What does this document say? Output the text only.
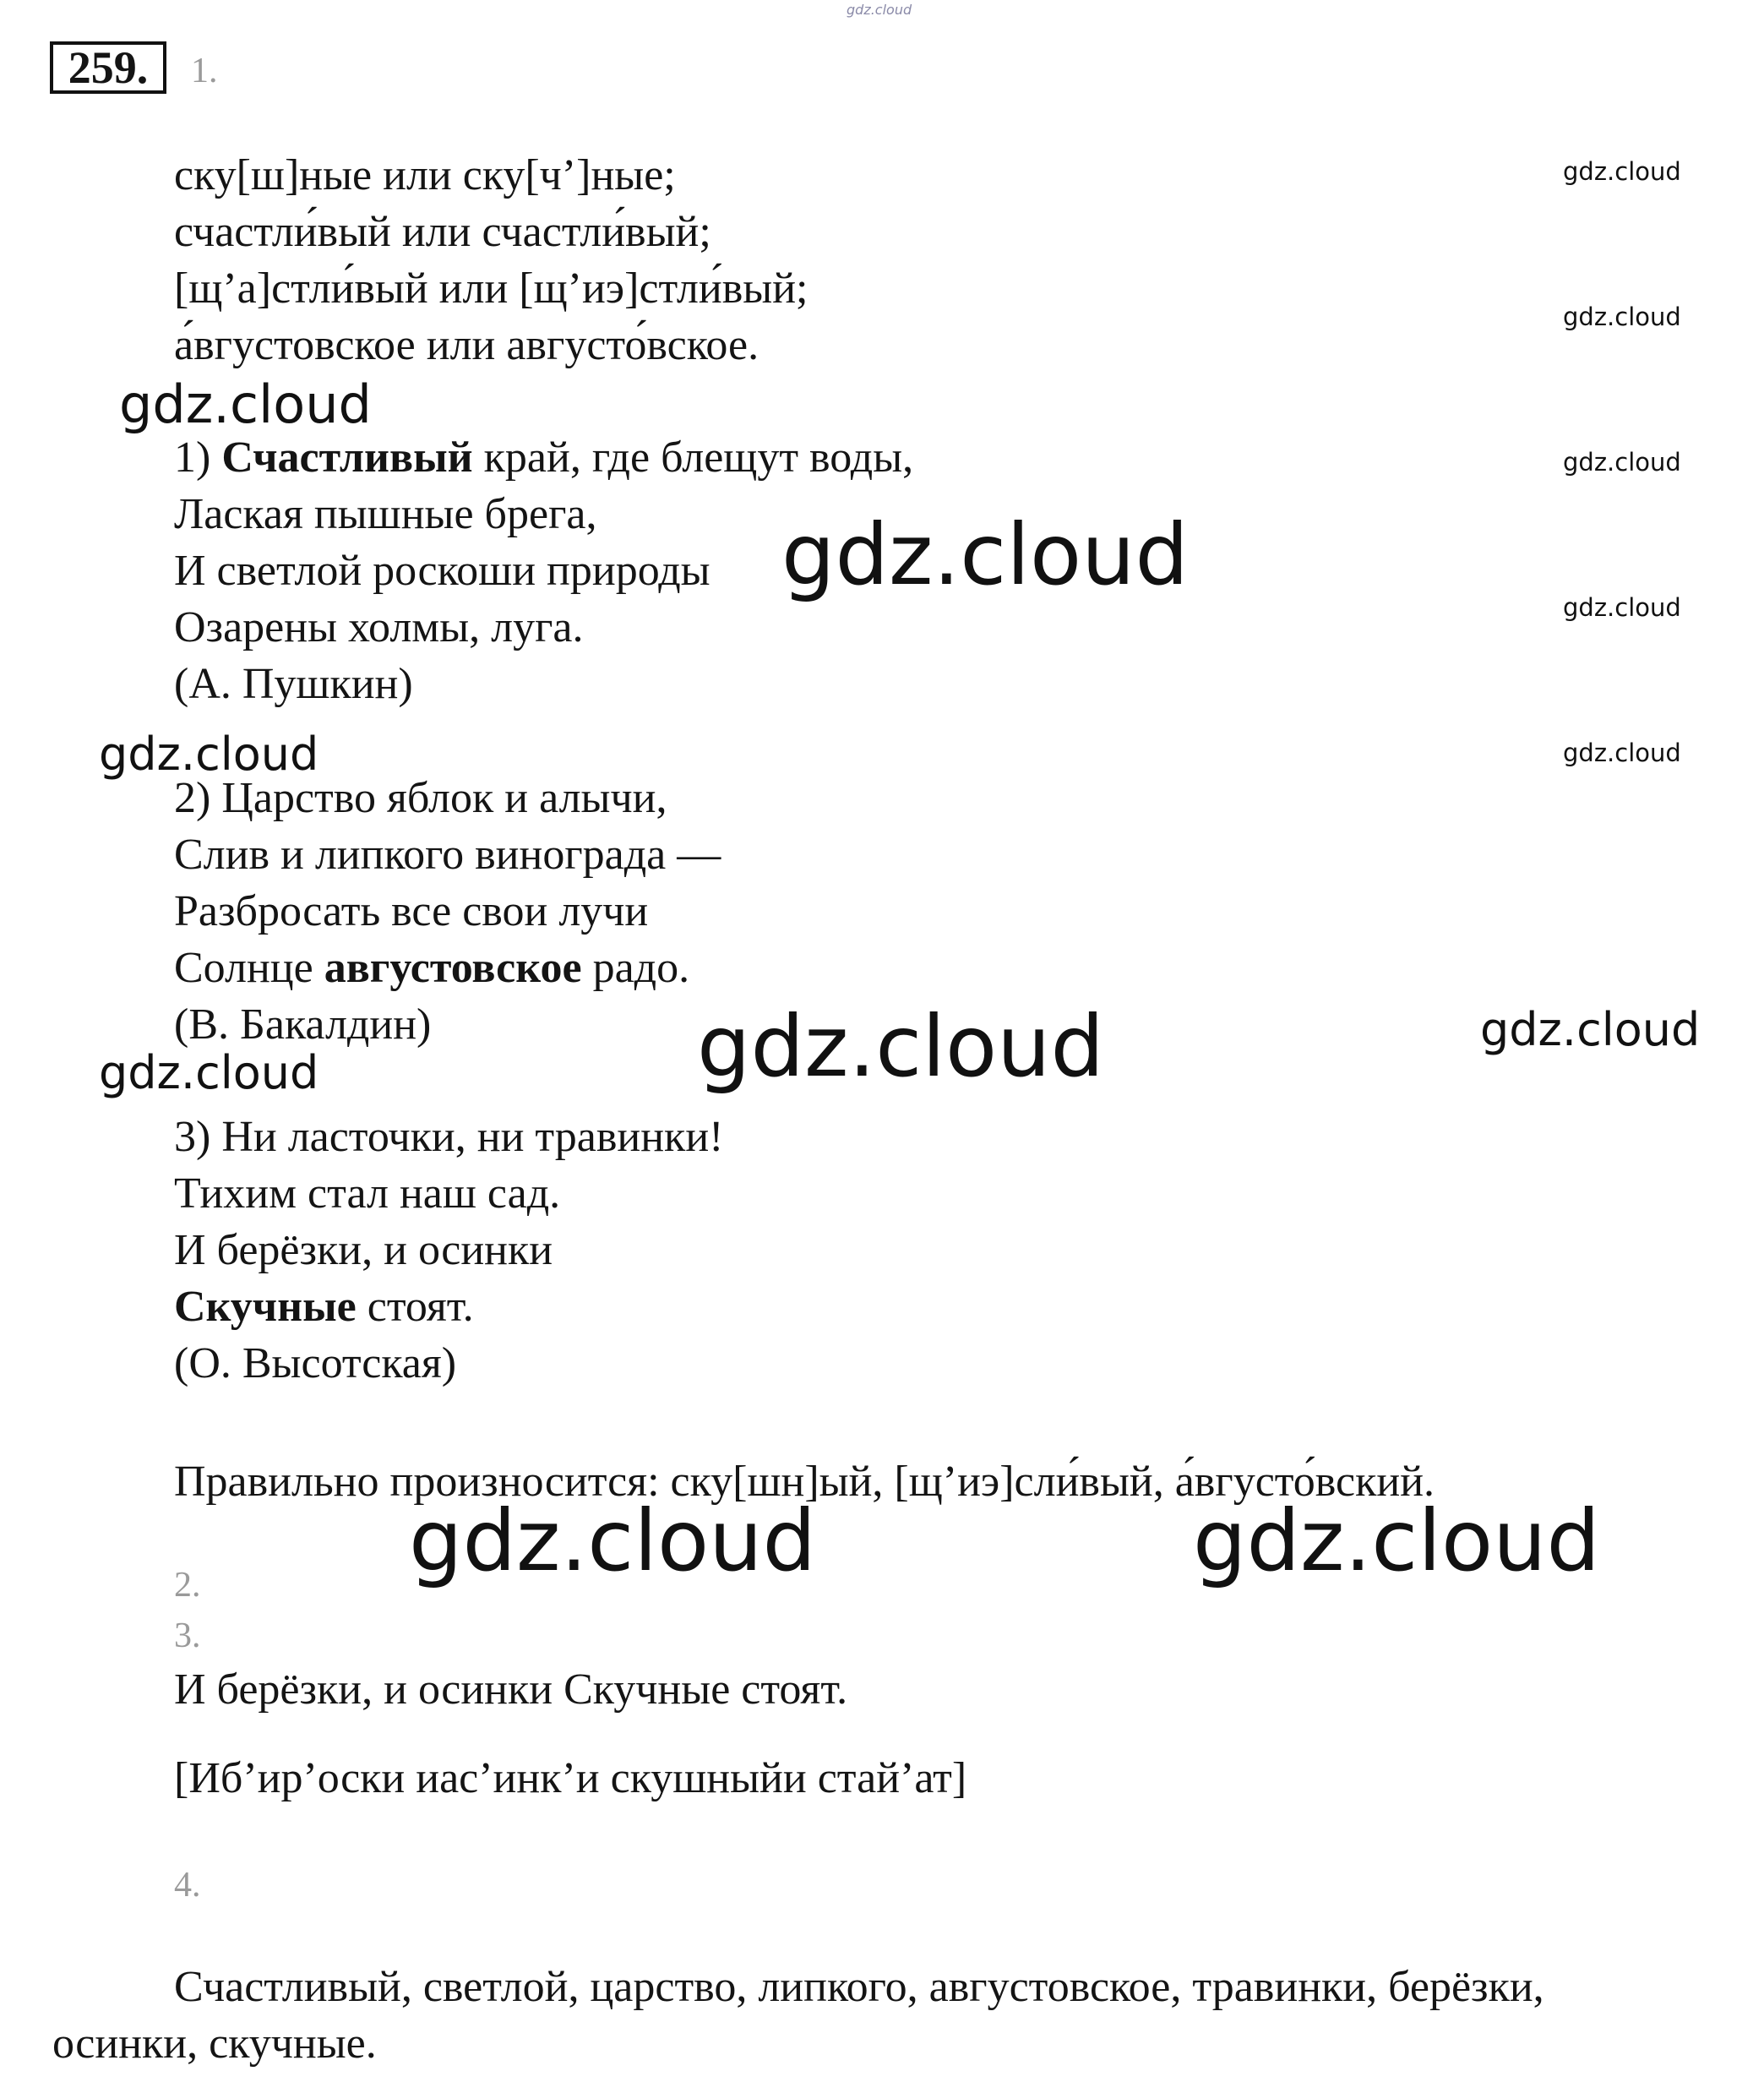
gdz.cloud
259.	1.
ску[ш]ные или ску[ч’]ные;
счастли́вый или счастли́вый;
[щ’а]стли́вый или [щ’иэ]стли́вый;
а́вгустовское или августо́вское.
1) Счастливый край, где блещут воды,
Лаская пышные брега,
И светлой роскоши природы
Озарены холмы, луга.
(А. Пушкин)
2) Царство яблок и алычи,
Слив и липкого винограда —
Разбросать все свои лучи
Солнце августовское радо.
(В. Бакалдин)
3) Ни ласточки, ни травинки!
Тихим стал наш сад.
И берёзки, и осинки
Скучные стоят.
(О. Высотская)
Правильно произносится: ску[шн]ый, [щ’иэ]сли́вый, а́вгусто́вский.
2.
3.
И берёзки, и осинки Скучные стоят.
[Иб’ир’оски иас’инк’и скушныйи стай’ат]
4.
Счастливый, светлой, царство, липкого, августовское, травинки, берёзки,
осинки, скучные.
gdz.cloud
gdz.cloud
gdz.cloud
gdz.cloud
gdz.cloud
gdz.cloud
gdz.cloud
gdz.cloud
gdz.cloud
gdz.cloud
gdz.cloud
gdz.cloud	gdz.cloud
